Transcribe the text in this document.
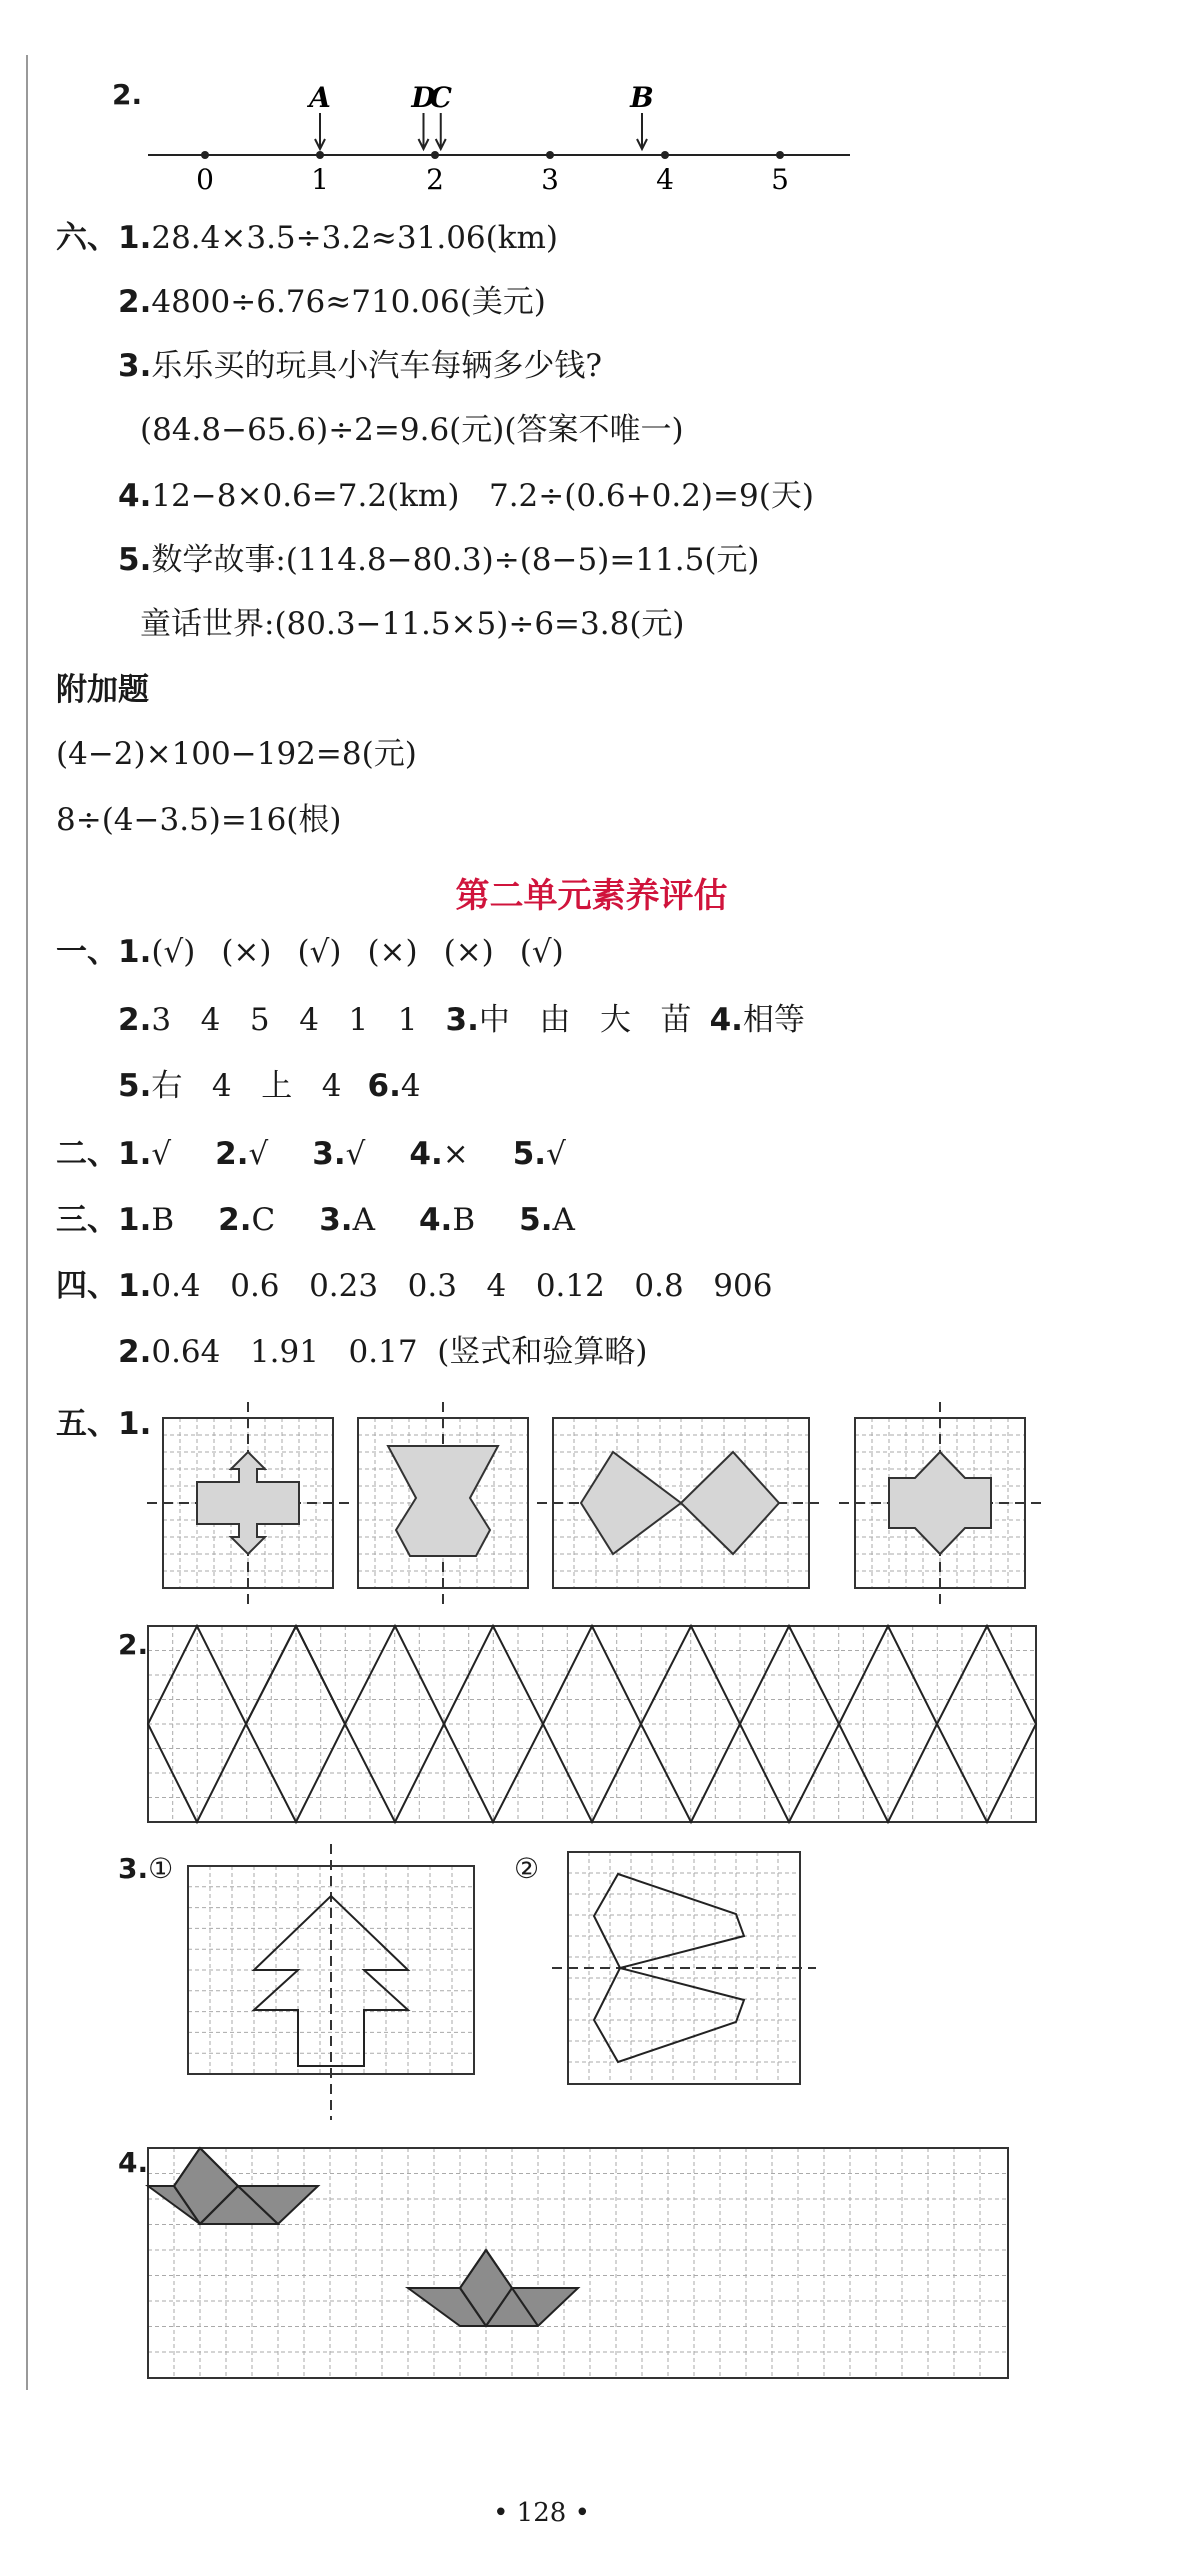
2.
0	1	2	3	4	5
A	D
C	B
六、1.28.4×3.5÷3.2≈31.06(km)
2.4800÷6.76≈710.06(美元)
3.乐乐买的玩具小汽车每辆多少钱?
(84.8−65.6)÷2=9.6(元)(答案不唯一)
4.12−8×0.6=7.2(km)   7.2÷(0.6+0.2)=9(天)
5.数学故事:(114.8−80.3)÷(8−5)=11.5(元)
童话世界:(80.3−11.5×5)÷6=3.8(元)
附加题
(4−2)×100−192=8(元)
8÷(4−3.5)=16(根)
第二单元素养评估
一、1.(√) (×) (√) (×) (×) (√)
2.3   4   5   4   1   1 3.中   由   大   苗 4.相等
5.右   4   上   4 6.4
二、1.√ 2.√ 3.√ 4.× 5.√
三、1.B 2.C 3.A 4.B 5.A
四、1.0.4   0.6   0.23   0.3   4   0.12   0.8   906
2.0.64   1.91   0.17  (竖式和验算略)
五、1.
2.
3.①	②
4.
• 128 •
